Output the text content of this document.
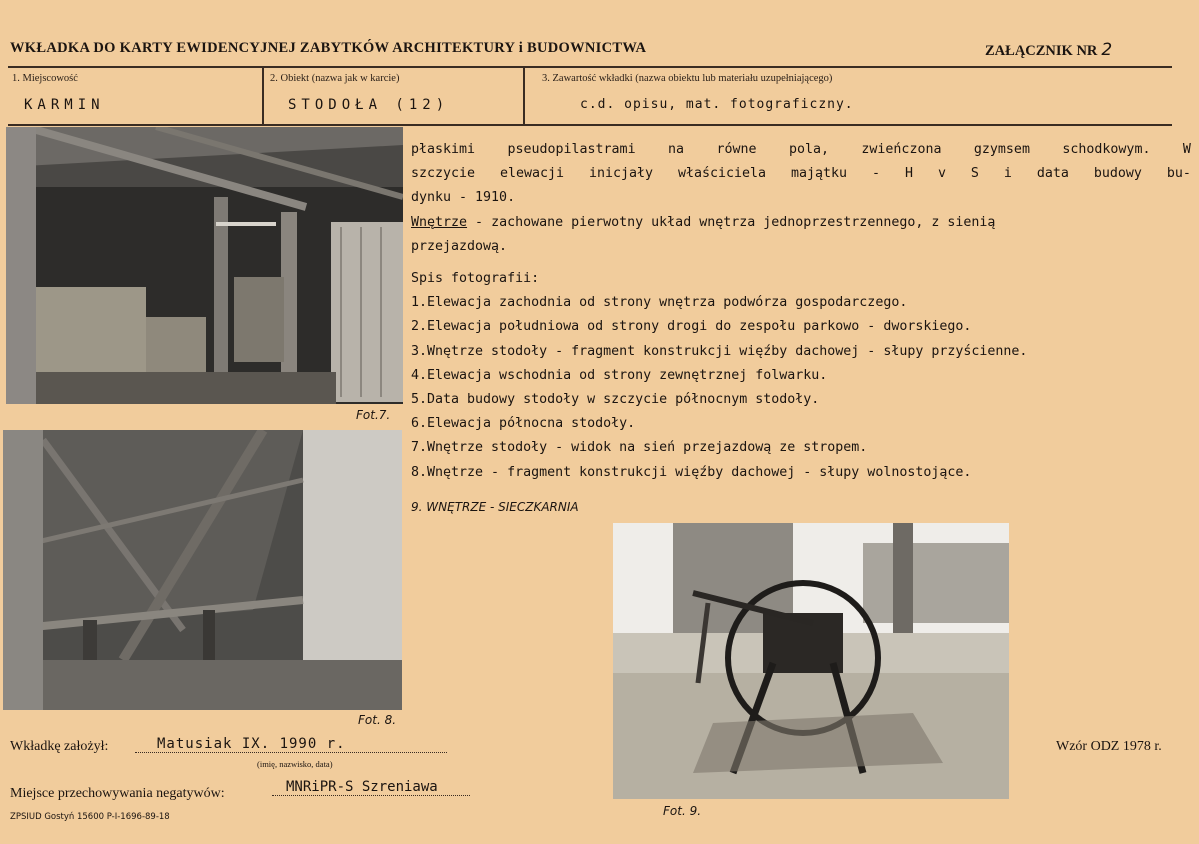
WKŁADKA DO KARTY EWIDENCYJNEJ ZABYTKÓW ARCHITEKTURY i BUDOWNICTWA	ZAŁĄCZNIK NR 2
1. Miejscowość
KARMIN
2. Obiekt (nazwa jak w karcie)
STODOŁA (12)
3. Zawartość wkładki (nazwa obiektu lub materiału uzupełniającego)
c.d. opisu, mat. fotograficzny.
Fot.7.
Fot. 8.
płaskimi pseudopilastrami na równe pola, zwieńczona gzymsem schodkowym. W
szczycie elewacji inicjały właściciela majątku - H v S i data budowy bu-
dynku - 1910.
Wnętrze - zachowane pierwotny układ wnętrza jednoprzestrzennego, z sienią
przejazdową.
Spis fotografii:
1.Elewacja zachodnia od strony wnętrza podwórza gospodarczego.
2.Elewacja południowa od strony drogi do zespołu parkowo - dworskiego.
3.Wnętrze stodoły - fragment konstrukcji więźby dachowej - słupy przyścienne.
4.Elewacja wschodnia od strony zewnętrznej folwarku.
5.Data budowy stodoły w szczycie północnym stodoły.
6.Elewacja północna stodoły.
7.Wnętrze stodoły - widok na sień przejazdową ze stropem.
8.Wnętrze - fragment konstrukcji więźby dachowej - słupy wolnostojące.
9. WNĘTRZE - SIECZKARNIA
Fot. 9.
Wkładkę założył:	Matusiak IX. 1990 r.
(imię, nazwisko, data)
Miejsce przechowywania negatywów:	MNRiPR-S Szreniawa
Wzór ODZ 1978 r.
ZPSIUD Gostyń 15600 P-I-1696-89-18
